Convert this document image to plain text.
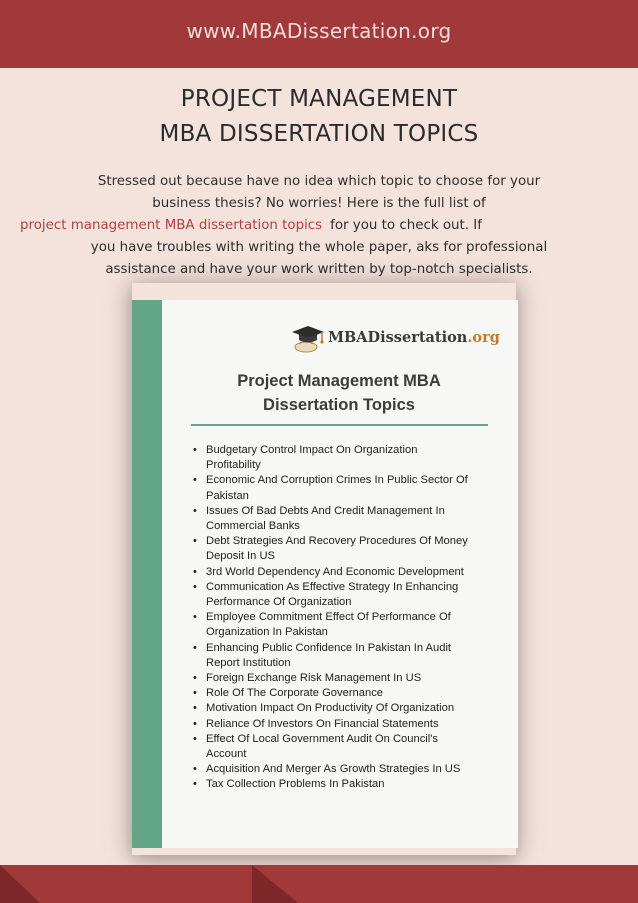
www.MBADissertation.org
PROJECT MANAGEMENT
MBA DISSERTATION TOPICS
Stressed out because have no idea which topic to choose for your
business thesis? No worries! Here is the full list of
project management MBA dissertation topics for you to check out. If
you have troubles with writing the whole paper, aks for professional
assistance and have your work written by top-notch specialists.
MBADissertation.org
Project Management MBA
Dissertation Topics
• Budgetary Control Impact On Organization
Profitability
• Economic And Corruption Crimes In Public Sector Of
Pakistan
• Issues Of Bad Debts And Credit Management In
Commercial Banks
• Debt Strategies And Recovery Procedures Of Money
Deposit In US
• 3rd World Dependency And Economic Development
• Communication As Effective Strategy In Enhancing
Performance Of Organization
• Employee Commitment Effect Of Performance Of
Organization In Pakistan
• Enhancing Public Confidence In Pakistan In Audit
Report Institution
• Foreign Exchange Risk Management In US
• Role Of The Corporate Governance
• Motivation Impact On Productivity Of Organization
• Reliance Of Investors On Financial Statements
• Effect Of Local Government Audit On Council's
Account
• Acquisition And Merger As Growth Strategies In US
• Tax Collection Problems In Pakistan
